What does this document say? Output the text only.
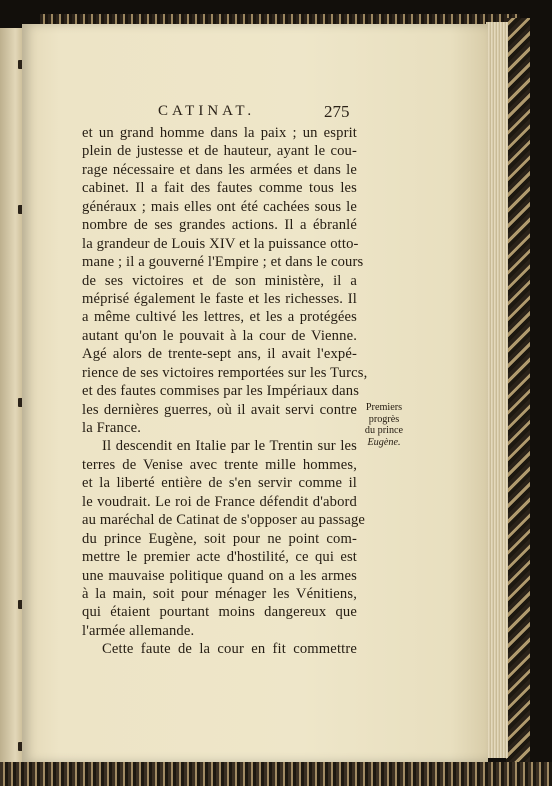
CATINAT.	275
et un grand homme dans la paix ; un esprit
plein de justesse et de hauteur, ayant le cou-
rage nécessaire et dans les armées et dans le
cabinet. Il a fait des fautes comme tous les
généraux ; mais elles ont été cachées sous le
nombre de ses grandes actions. Il a ébranlé
la grandeur de Louis XIV et la puissance otto-
mane ; il a gouverné l'Empire ; et dans le cours
de ses victoires et de son ministère, il a
méprisé également le faste et les richesses. Il
a même cultivé les lettres, et les a protégées
autant qu'on le pouvait à la cour de Vienne.
Agé alors de trente-sept ans, il avait l'expé-
rience de ses victoires remportées sur les Turcs,
et des fautes commises par les Impériaux dans
les dernières guerres, où il avait servi contre
la France.
Il descendit en Italie par le Trentin sur les
terres de Venise avec trente mille hommes,
et la liberté entière de s'en servir comme il
le voudrait. Le roi de France défendit d'abord
au maréchal de Catinat de s'opposer au passage
du prince Eugène, soit pour ne point com-
mettre le premier acte d'hostilité, ce qui est
une mauvaise politique quand on a les armes
à la main, soit pour ménager les Vénitiens,
qui étaient pourtant moins dangereux que
l'armée allemande.
Cette faute de la cour en fit commettre
Premiers
progrès
du prince
Eugène.
